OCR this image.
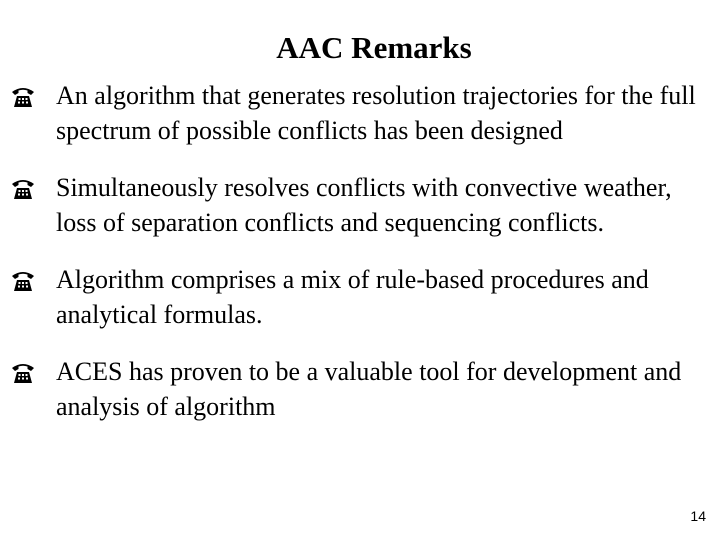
AAC Remarks
An algorithm that generates resolution trajectories for the full spectrum of possible conflicts has been designed
Simultaneously resolves conflicts with convective weather, loss of separation conflicts and sequencing conflicts.
Algorithm comprises a mix of rule-based procedures and analytical formulas.
ACES has proven to be a valuable tool for development and analysis of algorithm
14
